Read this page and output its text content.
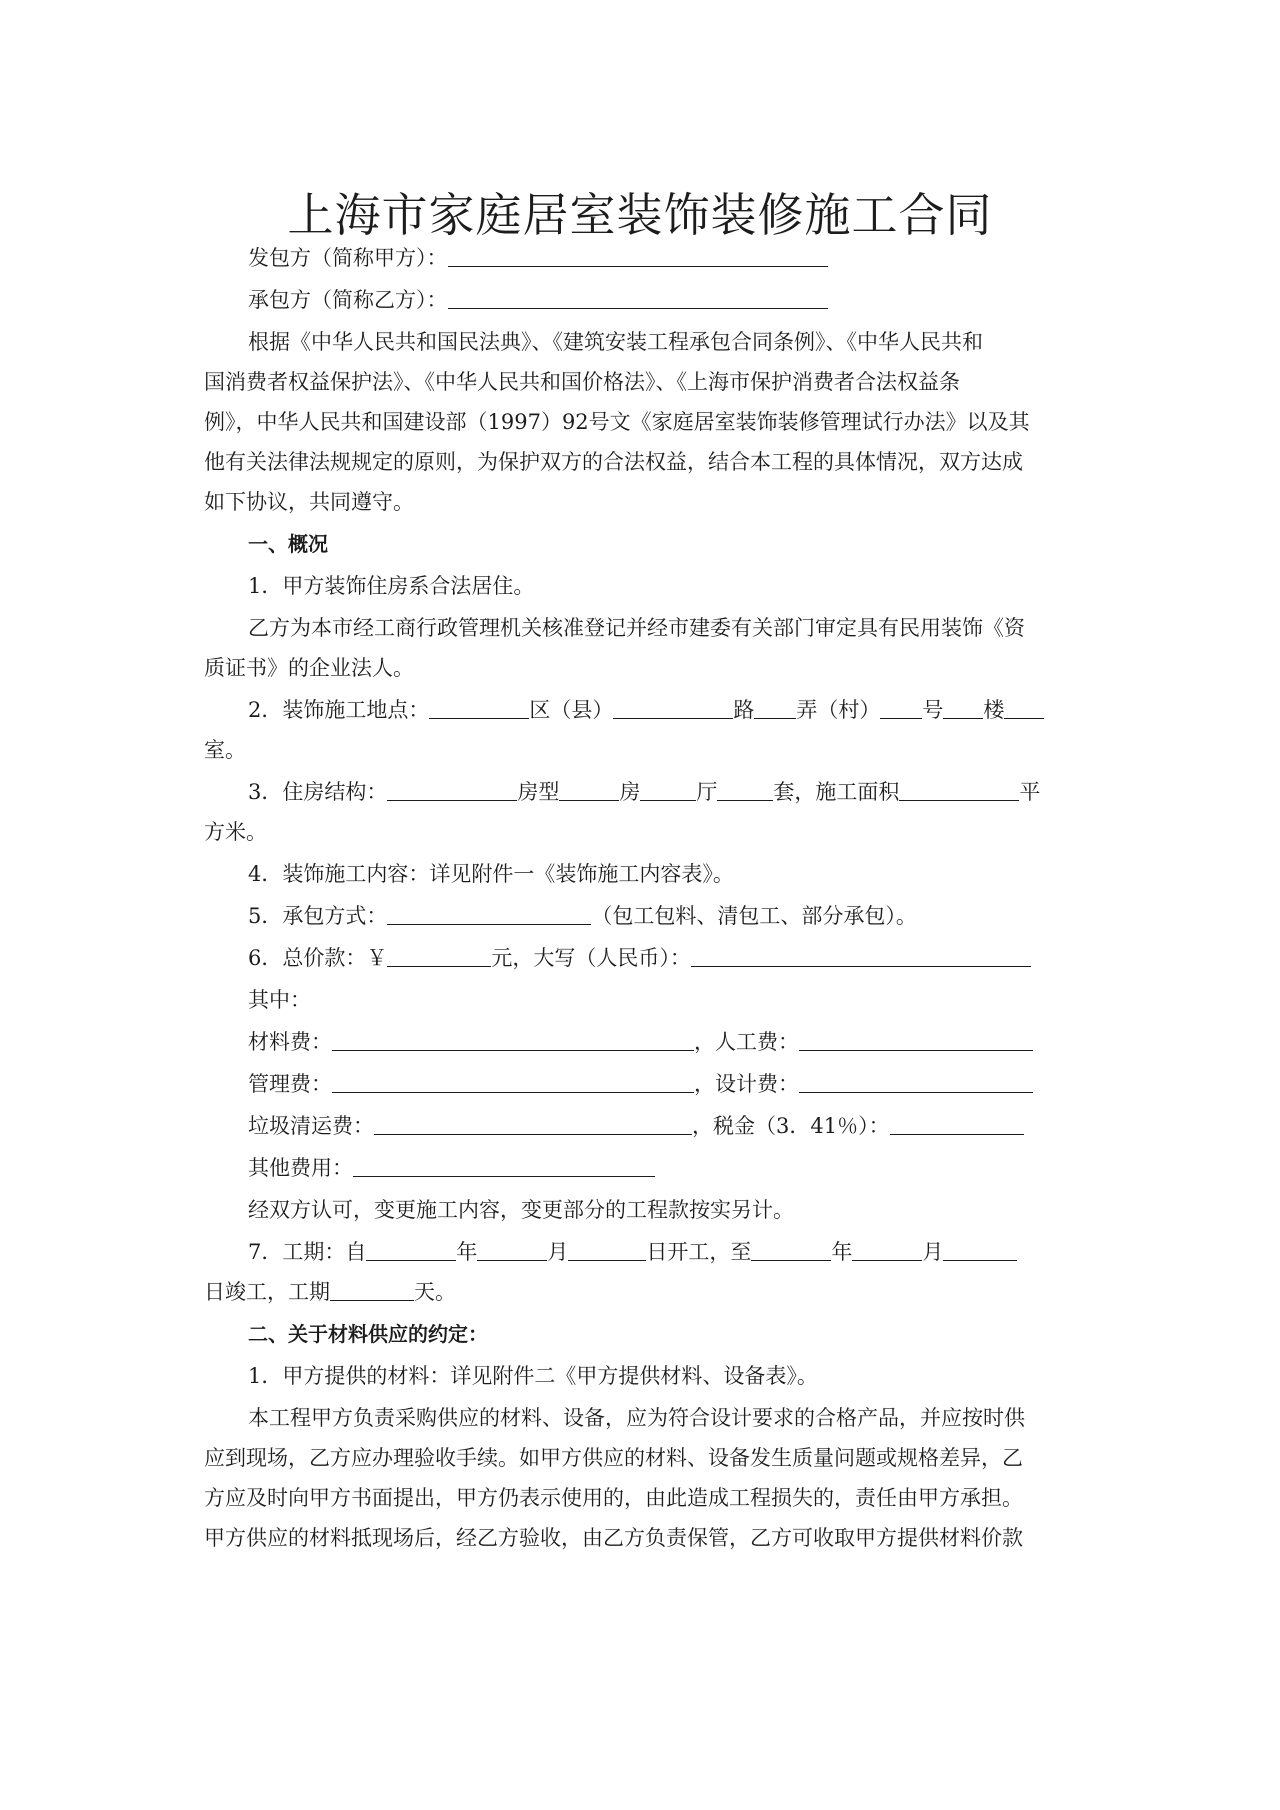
上海市家庭居室装饰装修施工合同
发包方（简称甲方）：
承包方（简称乙方）：
根据《中华人民共和国民法典》、《建筑安装工程承包合同条例》、《中华人民共和
国消费者权益保护法》、《中华人民共和国价格法》、《上海市保护消费者合法权益条
例》，中华人民共和国建设部（1997）92号文《家庭居室装饰装修管理试行办法》以及其
他有关法律法规规定的原则，为保护双方的合法权益，结合本工程的具体情况，双方达成
如下协议，共同遵守。
一、概况
1．甲方装饰住房系合法居住。
乙方为本市经工商行政管理机关核准登记并经市建委有关部门审定具有民用装饰《资
质证书》的企业法人。
2．装饰施工地点：	区（县）	路 弄（村） 号 楼
室。
3．住房结构：	房型	房	厅	套，施工面积	平
方米。
4．装饰施工内容：详见附件一《装饰施工内容表》。
5．承包方式：	（包工包料、清包工、部分承包）。
6．总价款：￥	元，大写（人民币）：
其中：
材料费：	，人工费：
管理费：	，设计费：
垃圾清运费：	，税金（3．41％）：
其他费用：
经双方认可，变更施工内容，变更部分的工程款按实另计。
7．工期：自	年	月	日开工，至	年	月
日竣工，工期	天。
二、关于材料供应的约定：
1．甲方提供的材料：详见附件二《甲方提供材料、设备表》。
本工程甲方负责采购供应的材料、设备，应为符合设计要求的合格产品，并应按时供
应到现场，乙方应办理验收手续。如甲方供应的材料、设备发生质量问题或规格差异，乙
方应及时向甲方书面提出，甲方仍表示使用的，由此造成工程损失的，责任由甲方承担。
甲方供应的材料抵现场后，经乙方验收，由乙方负责保管，乙方可收取甲方提供材料价款
